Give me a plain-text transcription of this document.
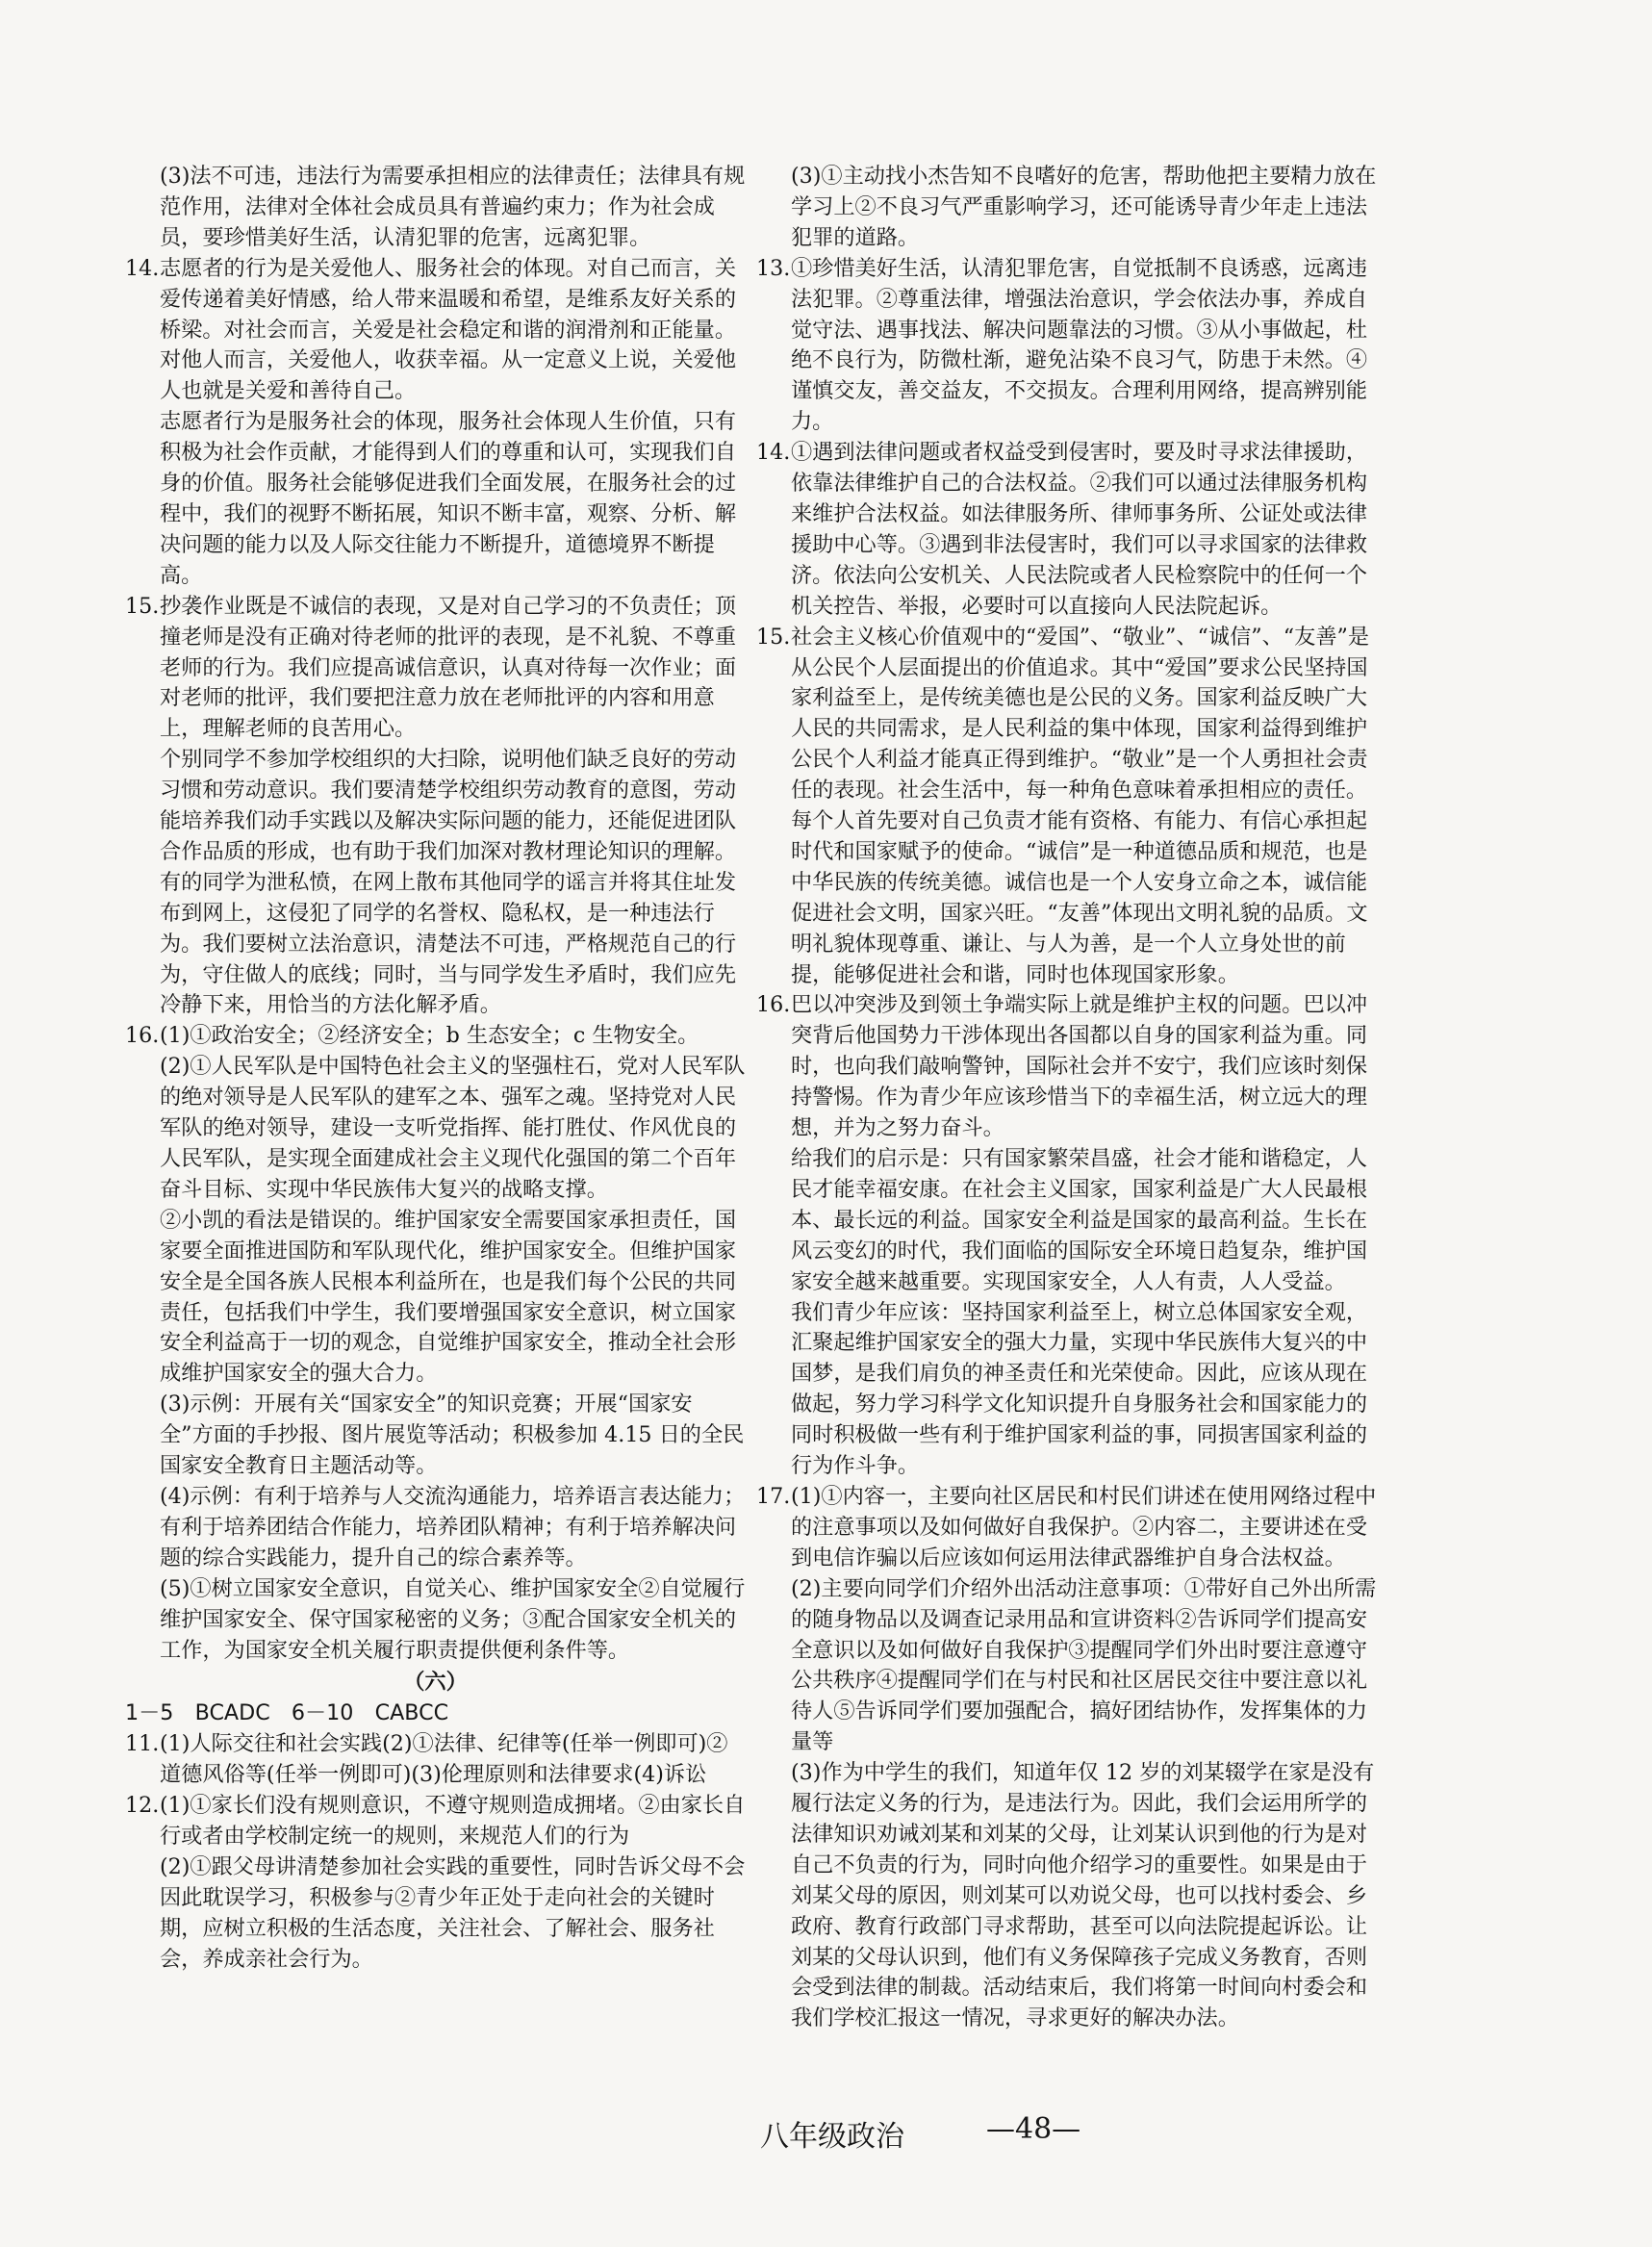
(3)法不可违，违法行为需要承担相应的法律责任；法律具有规范作用，法律对全体社会成员具有普遍约束力；作为社会成员，要珍惜美好生活，认清犯罪的危害，远离犯罪。

14. 志愿者的行为是关爱他人、服务社会的体现。对自己而言，关爱传递着美好情感，给人带来温暖和希望，是维系友好关系的桥梁。对社会而言，关爱是社会稳定和谐的润滑剂和正能量。对他人而言，关爱他人，收获幸福。从一定意义上说，关爱他人也就是关爱和善待自己。

志愿者行为是服务社会的体现，服务社会体现人生价值，只有积极为社会作贡献，才能得到人们的尊重和认可，实现我们自身的价值。服务社会能够促进我们全面发展，在服务社会的过程中，我们的视野不断拓展，知识不断丰富，观察、分析、解决问题的能力以及人际交往能力不断提升，道德境界不断提高。

15. 抄袭作业既是不诚信的表现，又是对自己学习的不负责任；顶撞老师是没有正确对待老师的批评的表现，是不礼貌、不尊重老师的行为。我们应提高诚信意识，认真对待每一次作业；面对老师的批评，我们要把注意力放在老师批评的内容和用意上，理解老师的良苦用心。

个别同学不参加学校组织的大扫除，说明他们缺乏良好的劳动习惯和劳动意识。我们要清楚学校组织劳动教育的意图，劳动能培养我们动手实践以及解决实际问题的能力，还能促进团队合作品质的形成，也有助于我们加深对教材理论知识的理解。

有的同学为泄私愤，在网上散布其他同学的谣言并将其住址发布到网上，这侵犯了同学的名誉权、隐私权，是一种违法行为。我们要树立法治意识，清楚法不可违，严格规范自己的行为，守住做人的底线；同时，当与同学发生矛盾时，我们应先冷静下来，用恰当的方法化解矛盾。

16. (1)①政治安全；②经济安全；b 生态安全；c 生物安全。

(2)①人民军队是中国特色社会主义的坚强柱石，党对人民军队的绝对领导是人民军队的建军之本、强军之魂。坚持党对人民军队的绝对领导，建设一支听党指挥、能打胜仗、作风优良的人民军队，是实现全面建成社会主义现代化强国的第二个百年奋斗目标、实现中华民族伟大复兴的战略支撑。

②小凯的看法是错误的。维护国家安全需要国家承担责任，国家要全面推进国防和军队现代化，维护国家安全。但维护国家安全是全国各族人民根本利益所在，也是我们每个公民的共同责任，包括我们中学生，我们要增强国家安全意识，树立国家安全利益高于一切的观念，自觉维护国家安全，推动全社会形成维护国家安全的强大合力。

(3)示例：开展有关“国家安全”的知识竞赛；开展“国家安全”方面的手抄报、图片展览等活动；积极参加 4.15 日的全民国家安全教育日主题活动等。

(4)示例：有利于培养与人交流沟通能力，培养语言表达能力；有利于培养团结合作能力，培养团队精神；有利于培养解决问题的综合实践能力，提升自己的综合素养等。

(5)①树立国家安全意识，自觉关心、维护国家安全②自觉履行维护国家安全、保守国家秘密的义务；③配合国家安全机关的工作，为国家安全机关履行职责提供便利条件等。

（六）

1－5　BCADC　6－10　CABCC

11. (1)人际交往和社会实践(2)①法律、纪律等(任举一例即可)②道德风俗等(任举一例即可)(3)伦理原则和法律要求(4)诉讼

12. (1)①家长们没有规则意识，不遵守规则造成拥堵。②由家长自行或者由学校制定统一的规则，来规范人们的行为

(2)①跟父母讲清楚参加社会实践的重要性，同时告诉父母不会因此耽误学习，积极参与②青少年正处于走向社会的关键时期，应树立积极的生活态度，关注社会、了解社会、服务社会，养成亲社会行为。

(3)①主动找小杰告知不良嗜好的危害，帮助他把主要精力放在学习上②不良习气严重影响学习，还可能诱导青少年走上违法犯罪的道路。

13. ①珍惜美好生活，认清犯罪危害，自觉抵制不良诱惑，远离违法犯罪。②尊重法律，增强法治意识，学会依法办事，养成自觉守法、遇事找法、解决问题靠法的习惯。③从小事做起，杜绝不良行为，防微杜渐，避免沾染不良习气，防患于未然。④谨慎交友，善交益友，不交损友。合理利用网络，提高辨别能力。

14. ①遇到法律问题或者权益受到侵害时，要及时寻求法律援助，依靠法律维护自己的合法权益。②我们可以通过法律服务机构来维护合法权益。如法律服务所、律师事务所、公证处或法律援助中心等。③遇到非法侵害时，我们可以寻求国家的法律救济。依法向公安机关、人民法院或者人民检察院中的任何一个机关控告、举报，必要时可以直接向人民法院起诉。

15. 社会主义核心价值观中的“爱国”、“敬业”、“诚信”、“友善”是从公民个人层面提出的价值追求。其中“爱国”要求公民坚持国家利益至上，是传统美德也是公民的义务。国家利益反映广大人民的共同需求，是人民利益的集中体现，国家利益得到维护公民个人利益才能真正得到维护。“敬业”是一个人勇担社会责任的表现。社会生活中，每一种角色意味着承担相应的责任。每个人首先要对自己负责才能有资格、有能力、有信心承担起时代和国家赋予的使命。“诚信”是一种道德品质和规范，也是中华民族的传统美德。诚信也是一个人安身立命之本，诚信能促进社会文明，国家兴旺。“友善”体现出文明礼貌的品质。文明礼貌体现尊重、谦让、与人为善，是一个人立身处世的前提，能够促进社会和谐，同时也体现国家形象。

16. 巴以冲突涉及到领土争端实际上就是维护主权的问题。巴以冲突背后他国势力干涉体现出各国都以自身的国家利益为重。同时，也向我们敲响警钟，国际社会并不安宁，我们应该时刻保持警惕。作为青少年应该珍惜当下的幸福生活，树立远大的理想，并为之努力奋斗。

给我们的启示是：只有国家繁荣昌盛，社会才能和谐稳定，人民才能幸福安康。在社会主义国家，国家利益是广大人民最根本、最长远的利益。国家安全利益是国家的最高利益。生长在风云变幻的时代，我们面临的国际安全环境日趋复杂，维护国家安全越来越重要。实现国家安全，人人有责，人人受益。

我们青少年应该：坚持国家利益至上，树立总体国家安全观，汇聚起维护国家安全的强大力量，实现中华民族伟大复兴的中国梦，是我们肩负的神圣责任和光荣使命。因此，应该从现在做起，努力学习科学文化知识提升自身服务社会和国家能力的同时积极做一些有利于维护国家利益的事，同损害国家利益的行为作斗争。

17. (1)①内容一，主要向社区居民和村民们讲述在使用网络过程中的注意事项以及如何做好自我保护。②内容二，主要讲述在受到电信诈骗以后应该如何运用法律武器维护自身合法权益。

(2)主要向同学们介绍外出活动注意事项：①带好自己外出所需的随身物品以及调查记录用品和宣讲资料②告诉同学们提高安全意识以及如何做好自我保护③提醒同学们外出时要注意遵守公共秩序④提醒同学们在与村民和社区居民交往中要注意以礼待人⑤告诉同学们要加强配合，搞好团结协作，发挥集体的力量等

(3)作为中学生的我们，知道年仅 12 岁的刘某辍学在家是没有履行法定义务的行为，是违法行为。因此，我们会运用所学的法律知识劝诫刘某和刘某的父母，让刘某认识到他的行为是对自己不负责的行为，同时向他介绍学习的重要性。如果是由于刘某父母的原因，则刘某可以劝说父母，也可以找村委会、乡政府、教育行政部门寻求帮助，甚至可以向法院提起诉讼。让刘某的父母认识到，他们有义务保障孩子完成义务教育，否则会受到法律的制裁。活动结束后，我们将第一时间向村委会和我们学校汇报这一情况，寻求更好的解决办法。

八年级政治	—48—
